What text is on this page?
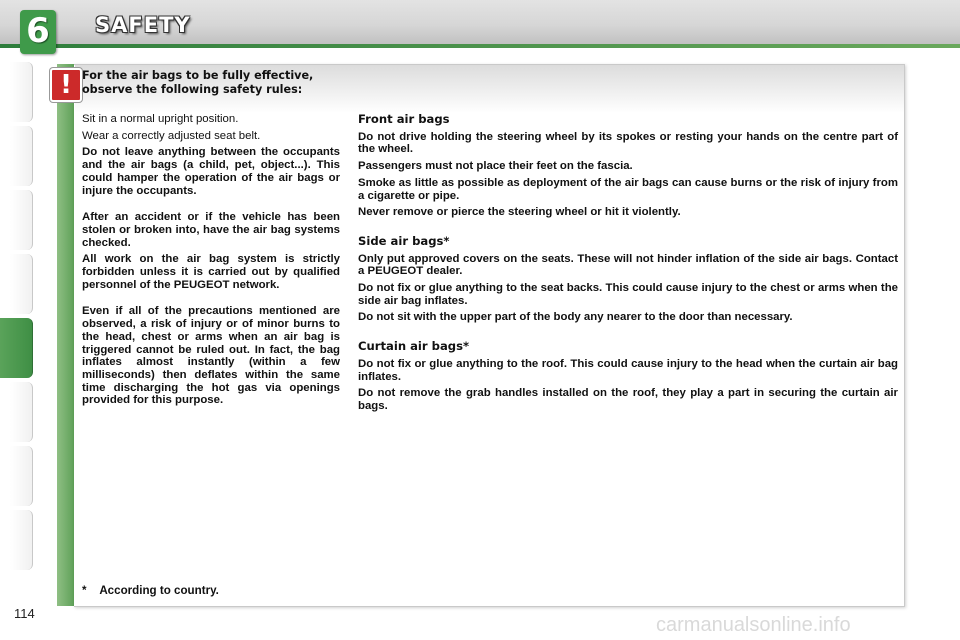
6 SAFETY
! For the air bags to be fully effective, observe the following safety rules:

Sit in a normal upright position.

Wear a correctly adjusted seat belt.

Do not leave anything between the occupants and the air bags (a child, pet, object...). This could hamper the operation of the air bags or injure the occupants.

After an accident or if the vehicle has been stolen or broken into, have the air bag systems checked.

All work on the air bag system is strictly forbidden unless it is carried out by qualified personnel of the PEUGEOT network.

Even if all of the precautions mentioned are observed, a risk of injury or of minor burns to the head, chest or arms when an air bag is triggered cannot be ruled out. In fact, the bag inflates almost instantly (within a few milliseconds) then deflates within the same time discharging the hot gas via openings provided for this purpose.

Front air bags

Do not drive holding the steering wheel by its spokes or resting your hands on the centre part of the wheel.

Passengers must not place their feet on the fascia.

Smoke as little as possible as deployment of the air bags can cause burns or the risk of injury from a cigarette or pipe.

Never remove or pierce the steering wheel or hit it violently.

Side air bags*

Only put approved covers on the seats. These will not hinder inflation of the side air bags. Contact a PEUGEOT dealer.

Do not fix or glue anything to the seat backs. This could cause injury to the chest or arms when the side air bag inflates.

Do not sit with the upper part of the body any nearer to the door than necessary.

Curtain air bags*

Do not fix or glue anything to the roof. This could cause injury to the head when the curtain air bag inflates.

Do not remove the grab handles installed on the roof, they play a part in securing the curtain air bags.

* According to country.
114
carmanualsonline.info
